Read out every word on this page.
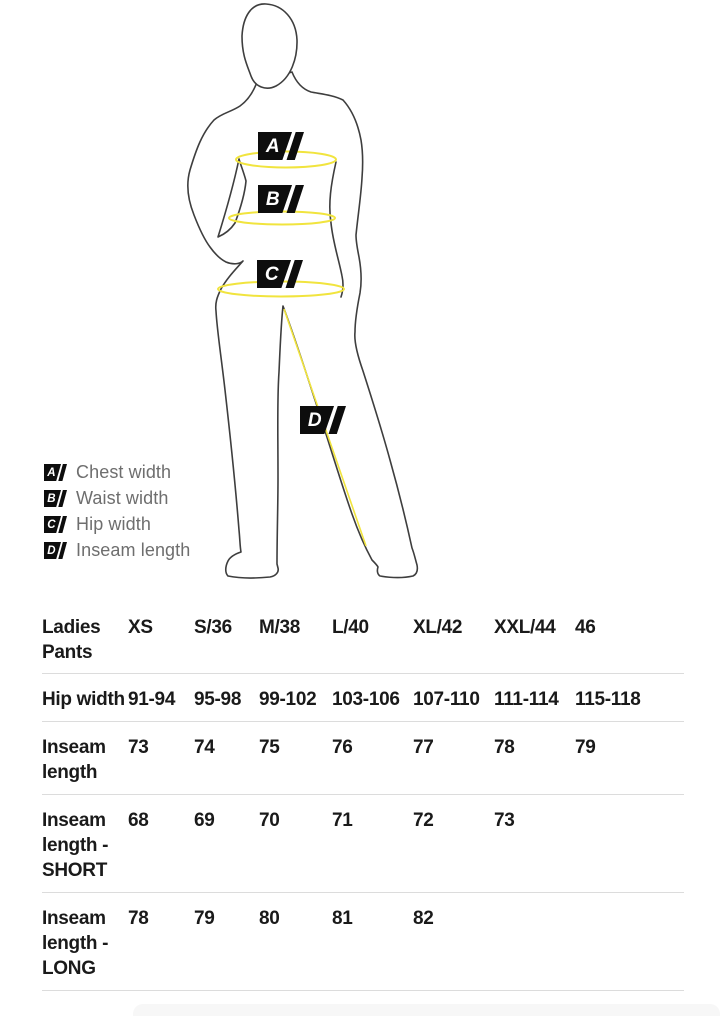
A
B
C
D
A Chest width
B Waist width
C Hip width
D Inseam length
Ladies Pants
XS	S/36	M/38	L/40	XL/42	XXL/44	46
Hip width 91-94 95-98 99-102 103-106 107-110 111-114 115-118
Inseam length
73	74	75	76	77	78	79
Inseam length - SHORT
68	69	70	71	72	73
Inseam length - LONG
78	79	80	81	82
